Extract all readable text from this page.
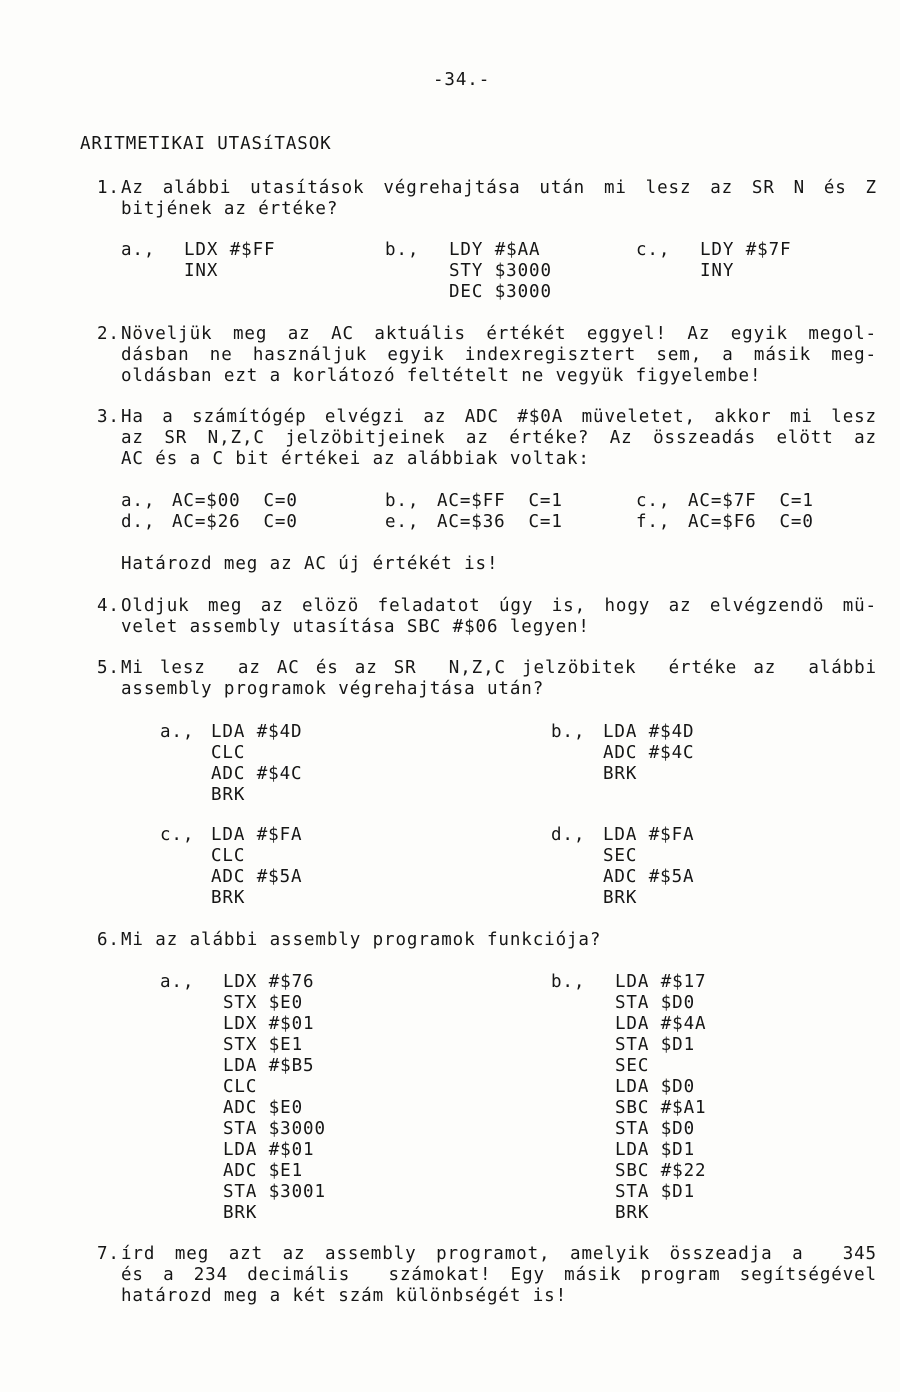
-34.-
ARITMETIKAI UTASíTASOK
1. Az alábbi utasítások végrehajtása után mi lesz az SR N és Z
bitjének az értéke?
a., LDX #$FF
INX
b., LDY #$AA
STY $3000
DEC $3000
c., LDY #$7F
INY
2. Növeljük meg az AC aktuális értékét eggyel! Az egyik megol-
dásban ne használjuk egyik indexregisztert sem, a másik meg-
oldásban ezt a korlátozó feltételt ne vegyük figyelembe!
3. Ha a számítógép elvégzi az ADC #$0A müveletet, akkor mi lesz
az SR N,Z,C jelzöbitjeinek az értéke? Az összeadás elött az
AC és a C bit értékei az alábbiak voltak:
a., AC=$00  C=0	b., AC=$FF  C=1	c., AC=$7F  C=1
d., AC=$26  C=0	e., AC=$36  C=1	f., AC=$F6  C=0
Határozd meg az AC új értékét is!
4. Oldjuk meg az elözö feladatot úgy is, hogy az elvégzendö mü-
velet assembly utasítása SBC #$06 legyen!
5. Mi lesz  az AC és az SR  N,Z,C jelzöbitek  értéke az  alábbi
assembly programok végrehajtása után?
a., LDA #$4D
CLC
ADC #$4C
BRK
b., LDA #$4D
ADC #$4C
BRK
c., LDA #$FA
CLC
ADC #$5A
BRK
d., LDA #$FA
SEC
ADC #$5A
BRK
6. Mi az alábbi assembly programok funkciója?
a., LDX #$76
STX $E0
LDX #$01
STX $E1
LDA #$B5
CLC
ADC $E0
STA $3000
LDA #$01
ADC $E1
STA $3001
BRK
b., LDA #$17
STA $D0
LDA #$4A
STA $D1
SEC
LDA $D0
SBC #$A1
STA $D0
LDA $D1
SBC #$22
STA $D1
BRK
7. írd meg azt az assembly programot, amelyik összeadja a  345
és a 234 decimális  számokat! Egy másik program segítségével
határozd meg a két szám különbségét is!
